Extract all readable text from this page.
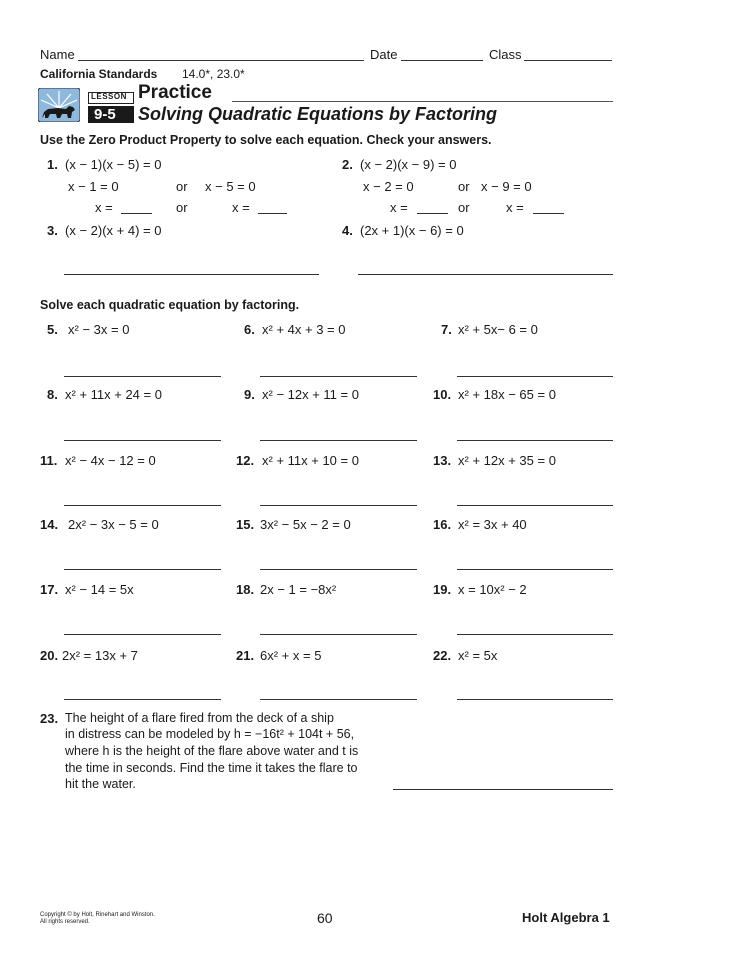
Name	Date	Class
California Standards 14.0*, 23.0*
LESSON Practice
9-5 Solving Quadratic Equations by Factoring
Use the Zero Product Property to solve each equation. Check your answers.
1. (x − 1)(x − 5) = 0
x − 1 = 0	or x − 5 = 0
x =	or	x =
2. (x − 2)(x − 9) = 0
x − 2 = 0	or x − 9 = 0
x =	or	x =
3. (x − 2)(x + 4) = 0	4. (2x + 1)(x − 6) = 0
Solve each quadratic equation by factoring.
5. x² − 3x = 0	6. x² + 4x + 3 = 0	7. x² + 5x− 6 = 0
8. x² + 11x + 24 = 0	9. x² − 12x + 11 = 0	10. x² + 18x − 65 = 0
11. x² − 4x − 12 = 0	12. x² + 11x + 10 = 0	13. x² + 12x + 35 = 0
14. 2x² − 3x − 5 = 0	15. 3x² − 5x − 2 = 0	16. x² = 3x + 40
17. x² − 14 = 5x	18. 2x − 1 = −8x²	19. x = 10x² − 2
20. 2x² = 13x + 7	21. 6x² + x = 5	22. x² = 5x
23. The height of a flare fired from the deck of a ship
in distress can be modeled by h = −16t² + 104t + 56,
where h is the height of the flare above water and t is
the time in seconds. Find the time it takes the flare to
hit the water.
Copyright © by Holt, Rinehart and Winston.
All rights reserved.	60	Holt Algebra 1
